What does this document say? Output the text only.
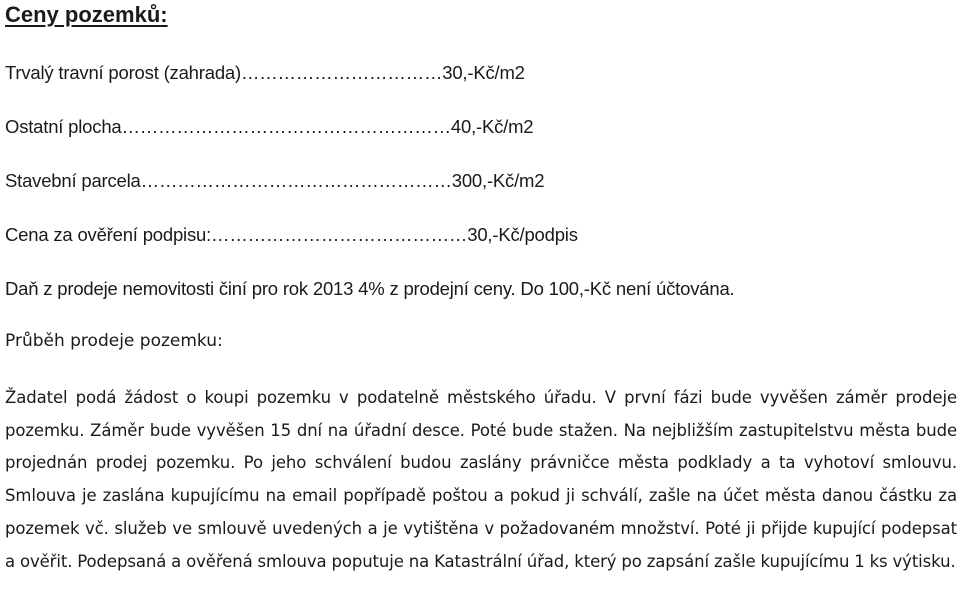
Ceny pozemků:
Trvalý travní porost (zahrada)……………………………30,-Kč/m2
Ostatní plocha………………………………………………40,-Kč/m2
Stavební parcela……………………………………………300,-Kč/m2
Cena za ověření podpisu:……………………………………30,-Kč/podpis
Daň z prodeje nemovitosti činí pro rok 2013 4% z prodejní ceny. Do 100,-Kč není účtována.
Průběh prodeje pozemku:
Žadatel podá žádost o koupi pozemku v podatelně městského úřadu. V první fázi bude vyvěšen záměr prodeje pozemku. Záměr bude vyvěšen 15 dní na úřadní desce. Poté bude stažen. Na nejbližším zastupitelstvu města bude projednán prodej pozemku. Po jeho schválení budou zaslány právničce města podklady a ta vyhotoví smlouvu. Smlouva je zaslána kupujícímu na email popřípadě poštou a pokud ji schválí, zašle na účet města danou částku za pozemek vč. služeb ve smlouvě uvedených a je vytištěna v požadovaném množství. Poté ji přijde kupující podepsat a ověřit. Podepsaná a ověřená smlouva poputuje na Katastrální úřad, který po zapsání zašle kupujícímu 1 ks výtisku.
